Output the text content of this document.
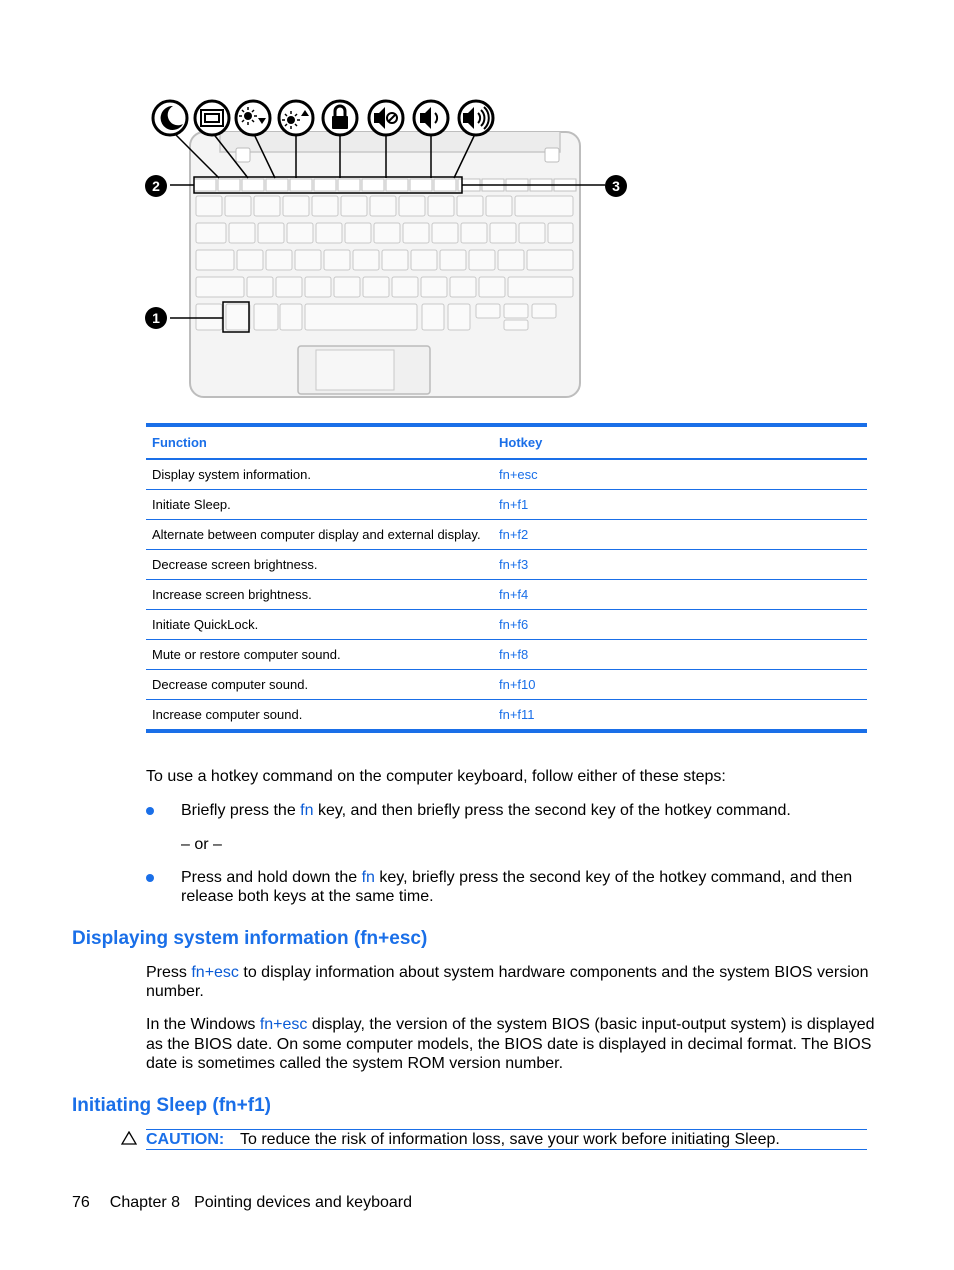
1
2	3
Function	Hotkey
Display system information.	fn+esc
Initiate Sleep.	fn+f1
Alternate between computer display and external display.	fn+f2
Decrease screen brightness.	fn+f3
Increase screen brightness.	fn+f4
Initiate QuickLock.	fn+f6
Mute or restore computer sound.	fn+f8
Decrease computer sound.	fn+f10
Increase computer sound.	fn+f11
To use a hotkey command on the computer keyboard, follow either of these steps:
Briefly press the fn key, and then briefly press the second key of the hotkey command.
– or –
Press and hold down the fn key, briefly press the second key of the hotkey command, and then
release both keys at the same time.
Displaying system information (fn+esc)
Press fn+esc to display information about system hardware components and the system BIOS version
number.
In the Windows fn+esc display, the version of the system BIOS (basic input-output system) is displayed
as the BIOS date. On some computer models, the BIOS date is displayed in decimal format. The BIOS
date is sometimes called the system ROM version number.
Initiating Sleep (fn+f1)
CAUTION: To reduce the risk of information loss, save your work before initiating Sleep.
76 Chapter 8 Pointing devices and keyboard
